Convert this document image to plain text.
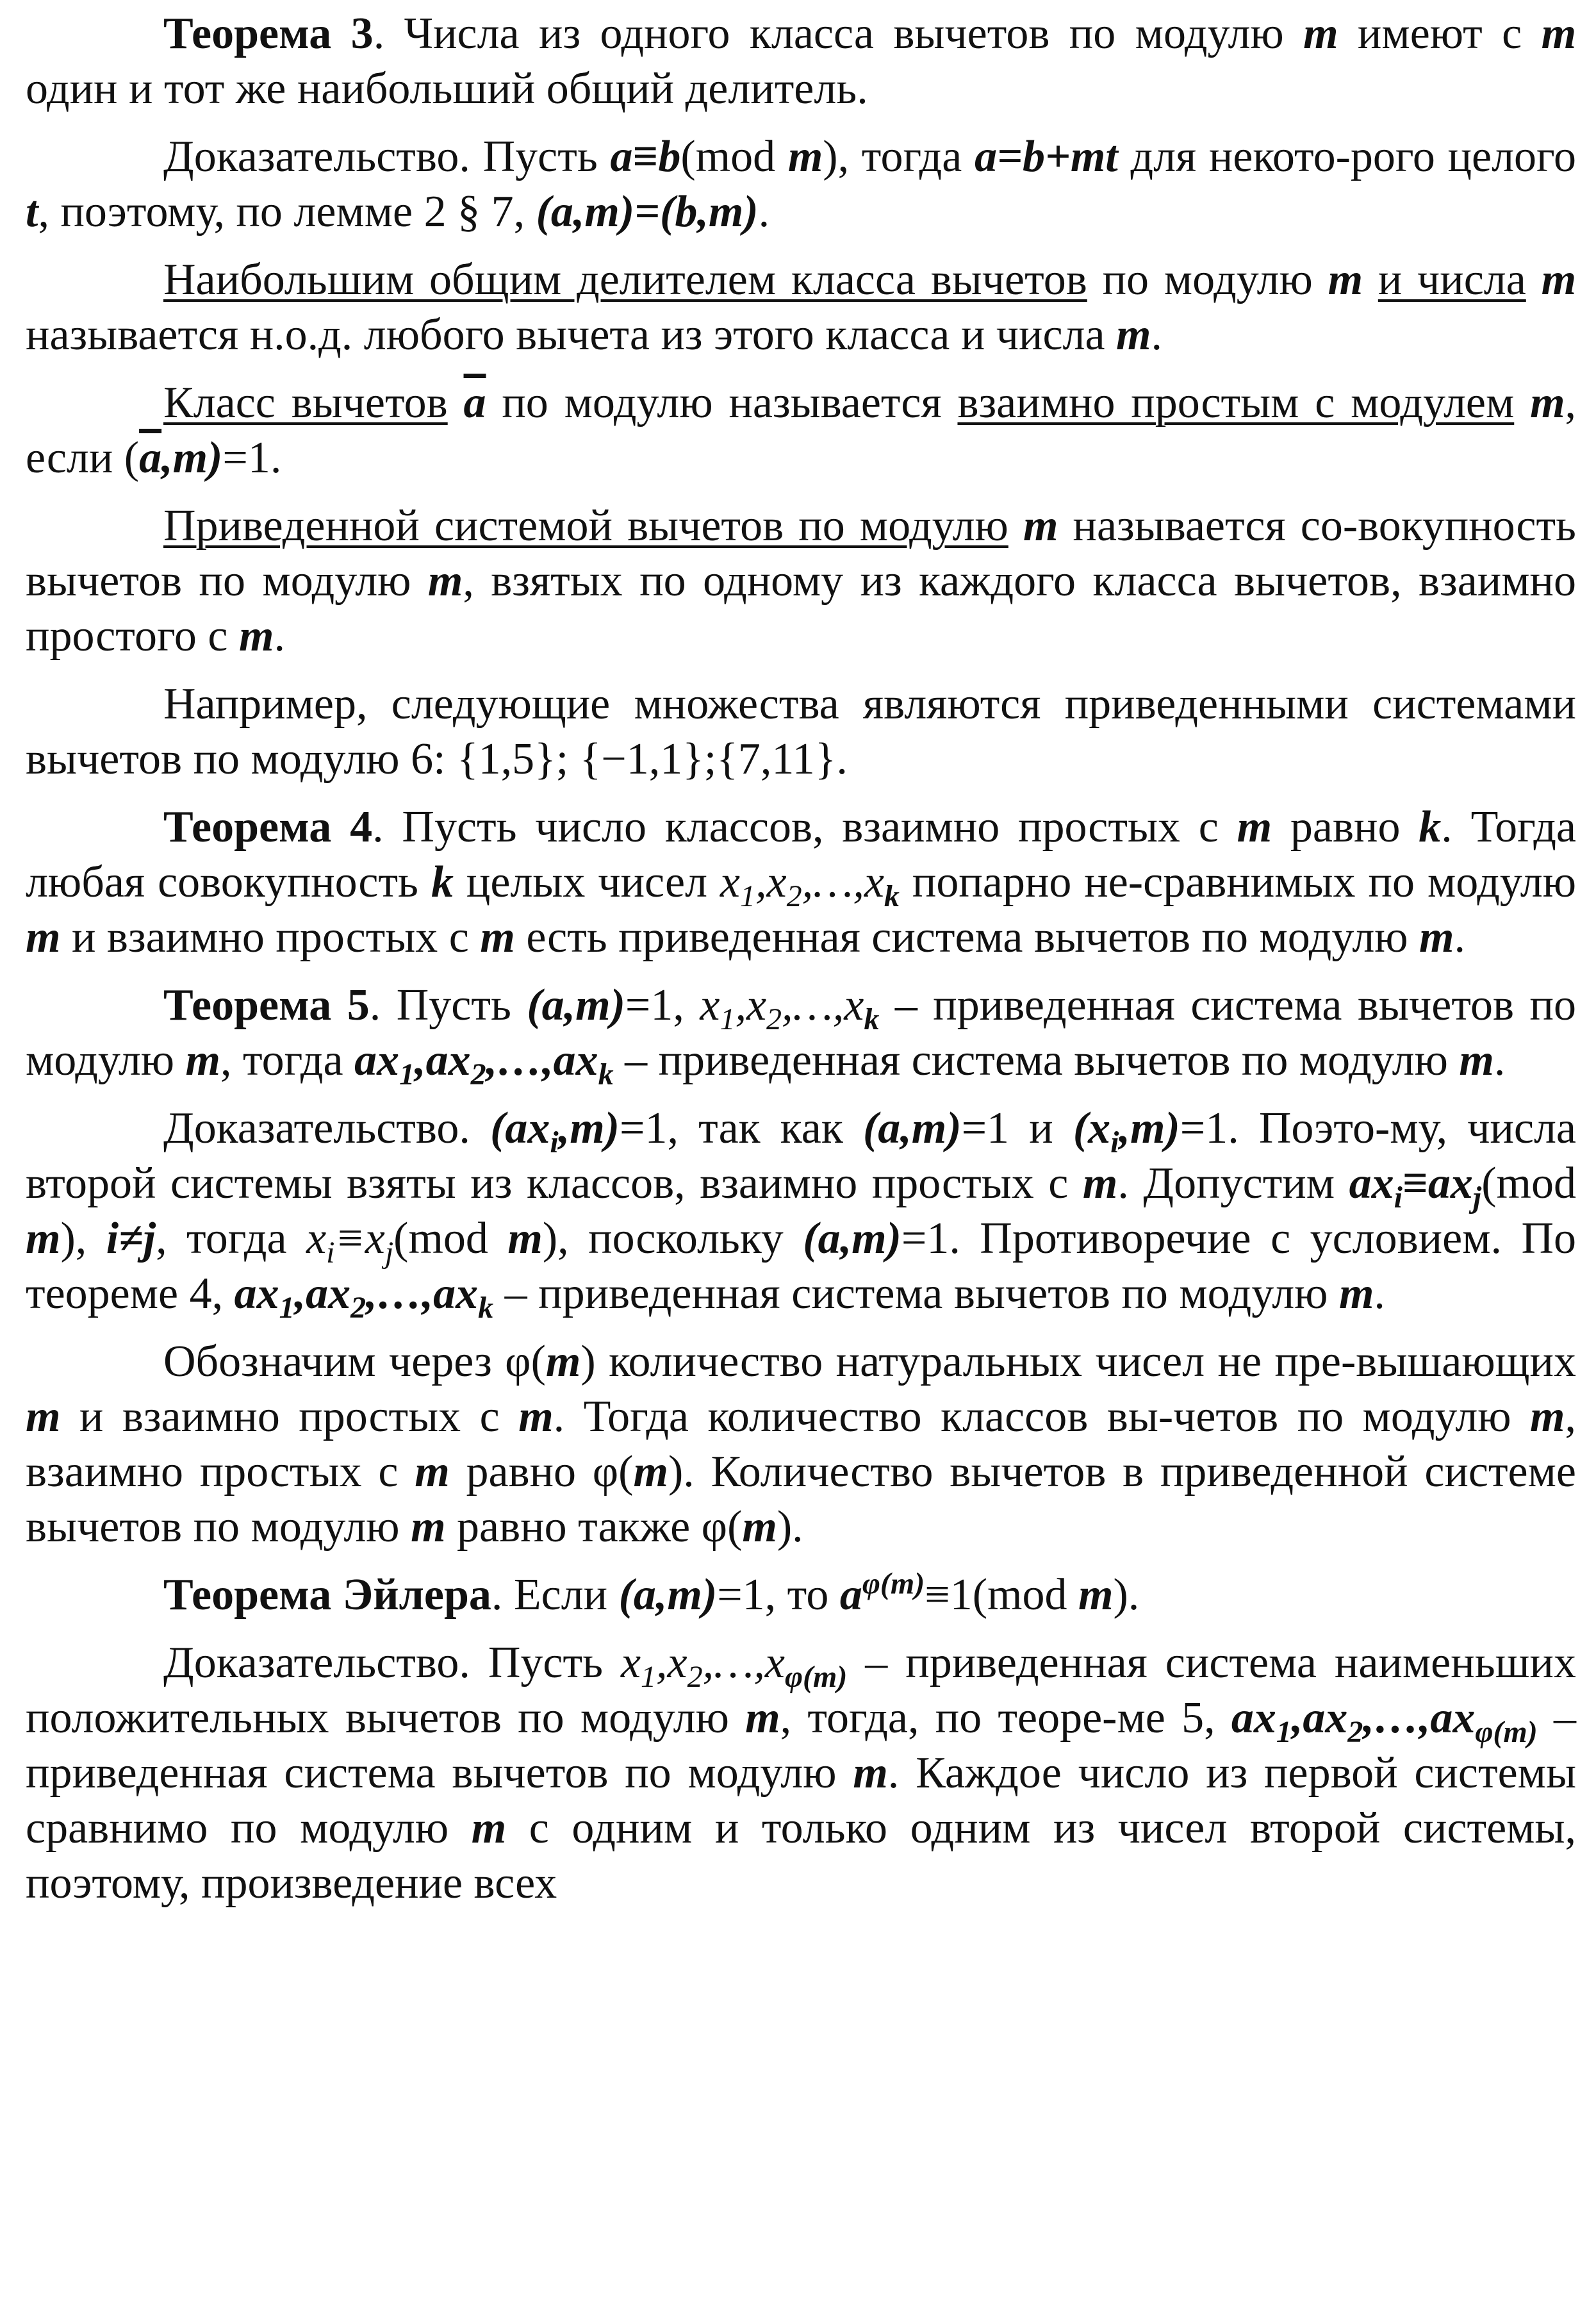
Теорема 3. Числа из одного класса вычетов по модулю m имеют с m один и тот же наибольший общий делитель.

Доказательство. Пусть a≡b(mod m), тогда a=b+mt для некото-рого целого t, поэтому, по лемме 2 § 7, (a,m)=(b,m).

Наибольшим общим делителем класса вычетов по модулю m и числа m называется н.о.д. любого вычета из этого класса и числа m.

Класс вычетов $\overline{a}$ по модулю называется взаимно простым с модулем m, если $(\overline{a},m)=1$.

Приведенной системой вычетов по модулю m называется со-вокупность вычетов по модулю m, взятых по одному из каждого класса вычетов, взаимно простого с m.

Например, следующие множества являются приведенными системами вычетов по модулю 6: {1,5}; {−1,1};{7,11}.

Теорема 4. Пусть число классов, взаимно простых с m равно k. Тогда любая совокупность k целых чисел $x_1,x_2,\dots,x_k$ попарно не-сравнимых по модулю m и взаимно простых с m есть приведенная система вычетов по модулю m.

Теорема 5. Пусть (a,m)=1, $x_1,x_2,\dots,x_k$ – приведенная система вычетов по модулю m, тогда $ax_1,ax_2,\dots,ax_k$ – приведенная система вычетов по модулю m.

Доказательство. $(ax_i,m)=1$, так как (a,m)=1 и $(x_i,m)=1$. Поэто-му, числа второй системы взяты из классов, взаимно простых с m. Допустим $ax_i\equiv ax_j(mod$ m), i≠j, тогда $x_i\equiv x_j(mod$ m), поскольку (a,m)=1. Противоречие с условием. По теореме 4, $ax_1,ax_2,\dots,ax_k$ – приведенная система вычетов по модулю m.

Обозначим через φ(m) количество натуральных чисел не пре-вышающих m и взаимно простых с m. Тогда количество классов вы-четов по модулю m, взаимно простых с m равно φ(m). Количество вычетов в приведенной системе вычетов по модулю m равно также φ(m).

Теорема Эйлера. Если (a,m)=1, то $a^{\varphi(m)}\equiv 1(mod$ m).

Доказательство. Пусть $x_1,x_2,\dots,x_{\varphi(m)}$ – приведенная система наименьших положительных вычетов по модулю m, тогда, по теоре-ме 5, $ax_1,ax_2,\dots,ax_{\varphi(m)}$ – приведенная система вычетов по модулю m. Каждое число из первой системы сравнимо по модулю m с одним и только одним из чисел второй системы, поэтому, произведение всех
